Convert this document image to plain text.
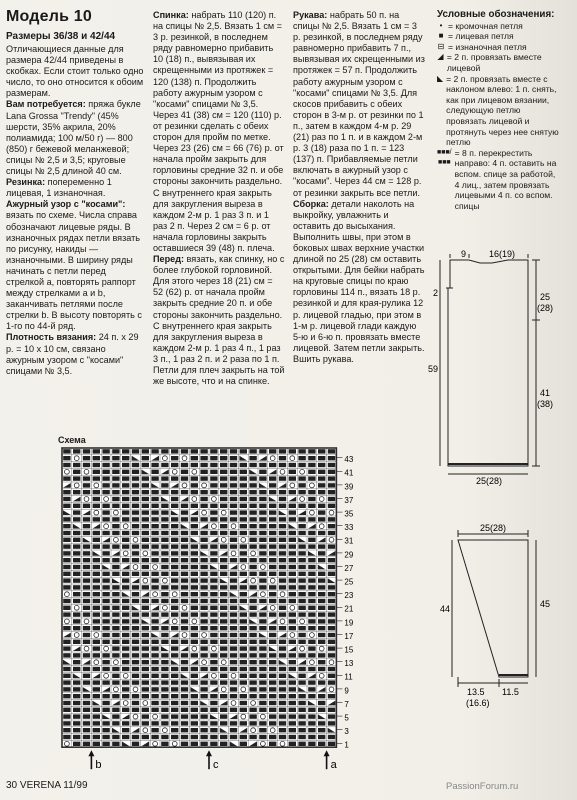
Модель 10

Размеры 36/38 и 42/44

Отличающиеся данные для размера 42/44 приведены в скобках. Если стоит только одно число, то оно относится к обоим размерам.

Вам потребуется: пряжа букле Lana Grossa "Trendy" (45% шерсти, 35% акрила, 20% полиамида; 100 м/50 г) — 800 (850) г бежевой меланжевой; спицы № 2,5 и 3,5; круговые спицы № 2,5 длиной 40 см.

Резинка: попеременно 1 лицевая, 1 изнаночная.

Ажурный узор с "косами": вязать по схеме. Числа справа обозначают лицевые ряды. В изнаночных рядах петли вязать по рисунку, накиды — изнаночными. В ширину ряды начинать с петли перед стрелкой a, повторять раппорт между стрелками a и b, заканчивать петлями после стрелки b. В высоту повторять с 1-го по 44-й ряд.

Плотность вязания: 24 п. x 29 р. = 10 x 10 см, связано ажурным узором с "косами" спицами № 3,5.

Спинка: набрать 110 (120) п. на спицы № 2,5. Вязать 1 см = 3 р. резинкой, в последнем ряду равномерно прибавить 10 (18) п., вывязывая их скрещенными из протяжек = 120 (138) п. Продолжить работу ажурным узором с "косами" спицами № 3,5. Через 41 (38) см = 120 (110) р. от резинки сделать с обеих сторон для пройм по метке. Через 23 (26) см = 66 (76) р. от начала пройм закрыть для горловины средние 32 п. и обе стороны закончить раздельно. С внутреннего края закрыть для закругления выреза в каждом 2-м р. 1 раз 3 п. и 1 раз 2 п. Через 2 см = 6 р. от начала горловины закрыть оставшиеся 39 (48) п. плеча.

Перед: вязать, как спинку, но с более глубокой горловиной. Для этого через 18 (21) см = 52 (62) р. от начала пройм закрыть средние 20 п. и обе стороны закончить раздельно. С внутреннего края закрыть для закругления выреза в каждом 2-м р. 1 раз 4 п., 1 раз 3 п., 1 раз 2 п. и 2 раза по 1 п. Петли для плеч закрыть на той же высоте, что и на спинке.

Рукава: набрать 50 п. на спицы № 2,5. Вязать 1 см = 3 р. резинкой, в последнем ряду равномерно прибавить 7 п., вывязывая их скрещенными из протяжек = 57 п. Продолжить работу ажурным узором с "косами" спицами № 3,5. Для скосов прибавить с обеих сторон в 3-м р. от резинки по 1 п., затем в каждом 4-м р. 29 (21) раз по 1 п. и в каждом 2-м р. 3 (18) раза по 1 п. = 123 (137) п. Прибавляемые петли включать в ажурный узор с "косами". Через 44 см = 128 р. от резинки закрыть все петли.

Сборка: детали наколоть на выкройку, увлажнить и оставить до высыхания. Выполнить швы, при этом в боковых швах верхние участки длиной по 25 (28) см оставить открытыми. Для бейки набрать на круговые спицы по краю горловины 114 п., вязать 18 р. резинкой и для края-рулика 12 р. лицевой гладью, при этом в 1-м р. лицевой глади каждую 5-ю и 6-ю п. провязать вместе лицевой. Затем петли закрыть. Вшить рукава.

Условные обозначения:

• = кромочная петля
■ = лицевая петля
⊟ = изнаночная петля
◢ = 2 п. провязать вместе лицевой
◣ = 2 п. провязать вместе с наклоном влево: 1 п. снять, как при лицевом вязании, следующую петлю провязать лицевой и протянуть через нее снятую петлю
■■■/■■■
= 8 п. перекрестить направо: 4 п. оставить на вспом. спице за работой, 4 лиц., затем провязать лицевыми 4 п. со вспом. спицы
2
9	16(19)
25
(28)
59
41
(38)
25(28)
25(28)
44	45
13.5
(16.6)
11.5
Схема
43
41
39
37
35
33
31
29
27
25
23
21
19
17
15
13
11
9
7
5
3
1
b	c	a
30 VERENA 11/99	PassionForum.ru
